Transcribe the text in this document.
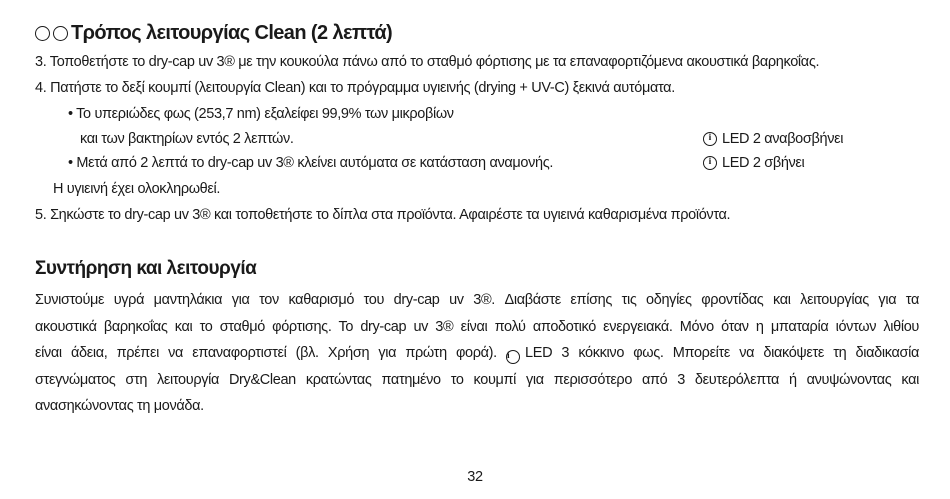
Τρόπος λειτουργίας Clean (2 λεπτά)
3. Τοποθετήστε το dry-cap uv 3® με την κουκούλα πάνω από το σταθμό φόρτισης με τα επαναφορτιζόμενα ακουστικά βαρηκοΐας.
4. Πατήστε το δεξί κουμπί (λειτουργία Clean) και το πρόγραμμα υγιεινής (drying + UV-C) ξεκινά αυτόματα.
• Το υπεριώδες φως (253,7 nm) εξαλείφει 99,9% των μικροβίων
και των βακτηρίων εντός 2 λεπτών.	i LED 2 αναβοσβήνει
• Μετά από 2 λεπτά το dry-cap uv 3® κλείνει αυτόματα σε κατάσταση αναμονής.	i LED 2 σβήνει
Η υγιεινή έχει ολοκληρωθεί.
5. Σηκώστε το dry-cap uv 3® και τοποθετήστε το δίπλα στα προϊόντα. Αφαιρέστε τα υγιεινά καθαρισμένα προϊόντα.
Συντήρηση και λειτουργία
Συνιστούμε υγρά μαντηλάκια για τον καθαρισμό του dry-cap uv 3®. Διαβάστε επίσης τις οδηγίες φροντίδας και λειτουργίας για τα
ακουστικά βαρηκοΐας και το σταθμό φόρτισης. Το dry-cap uv 3® είναι πολύ αποδοτικό ενεργειακά. Μόνο όταν η μπαταρία ιόντων λιθίου
είναι άδεια, πρέπει να επαναφορτιστεί (βλ. Χρήση για πρώτη φορά). i LED 3 κόκκινο φως. Μπορείτε να διακόψετε τη διαδικασία
στεγνώματος στη λειτουργία Dry&Clean κρατώντας πατημένο το κουμπί για περισσότερο από 3 δευτερόλεπτα ή ανυψώνοντας και
ανασηκώνοντας τη μονάδα.
32
